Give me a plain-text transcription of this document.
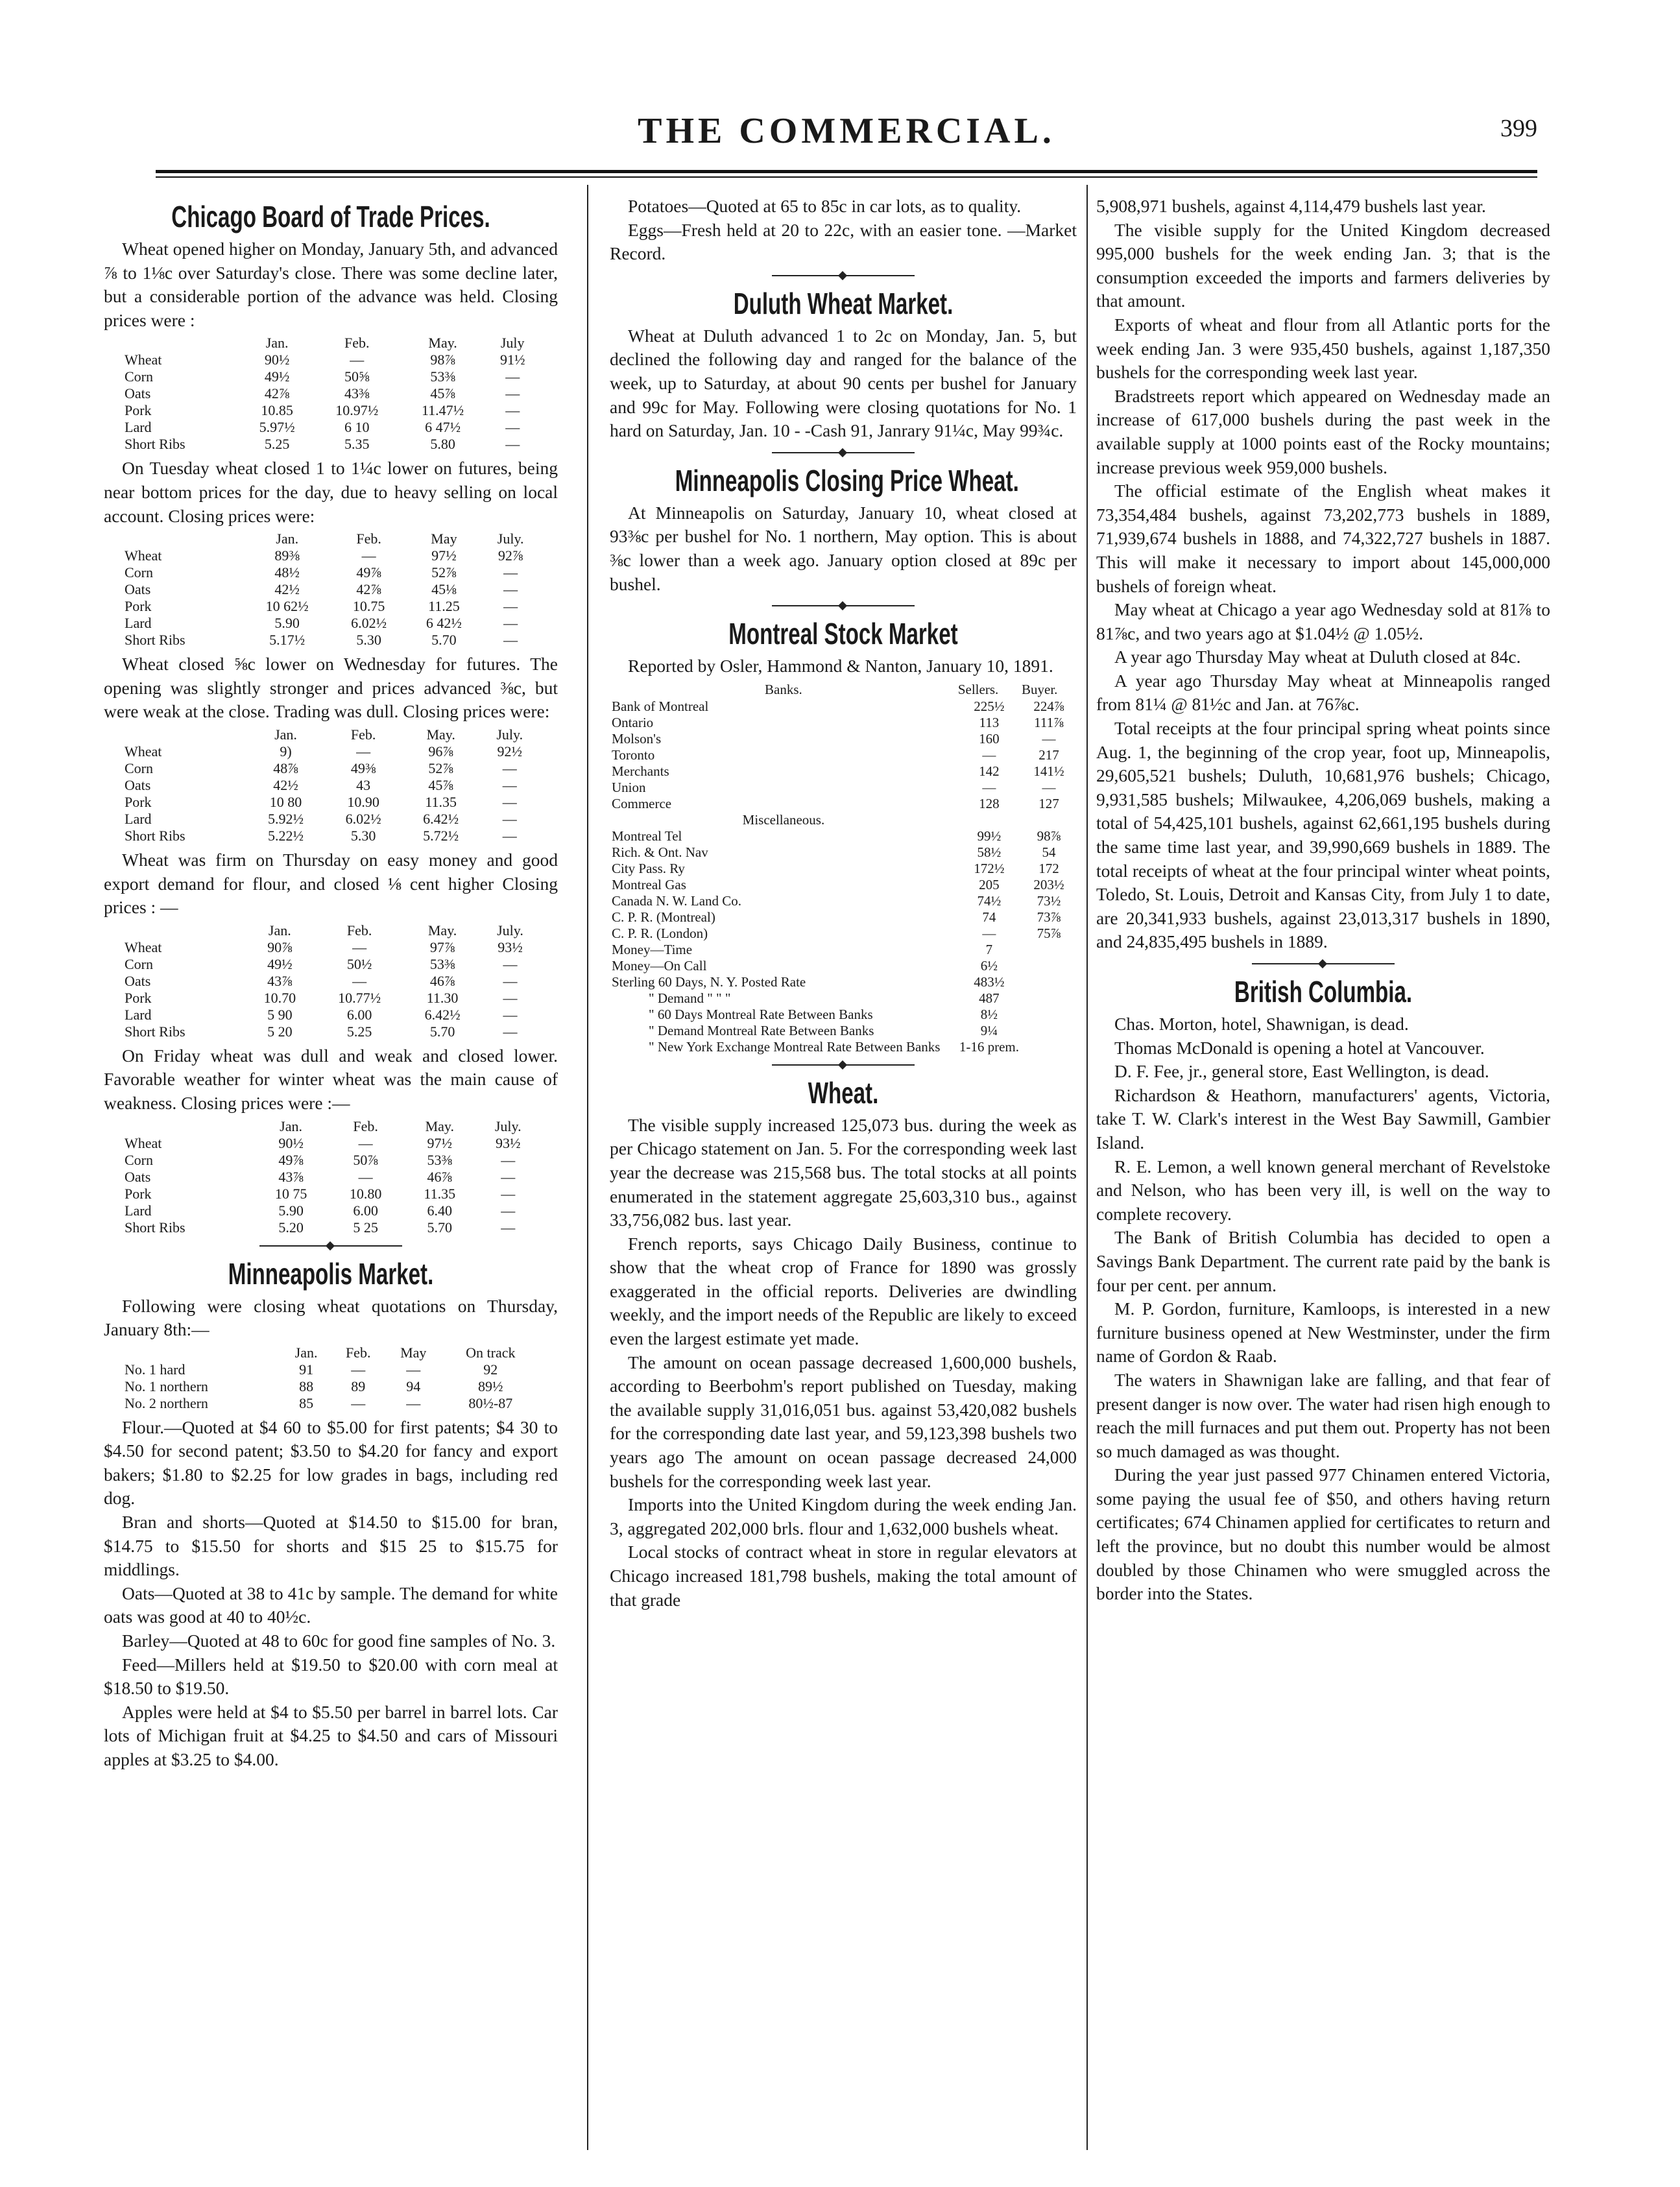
THE COMMERCIAL.	399
Chicago Board of Trade Prices.

Wheat opened higher on Monday, January 5th, and advanced ⅞ to 1⅛c over Saturday's close. There was some decline later, but a considerable portion of the advance was held. Closing prices were :

	Jan.	Feb.	May.	July
Wheat	90½	—	98⅞	91½
Corn	49½	50⅝	53⅜	—
Oats	42⅞	43⅜	45⅞	—
Pork	10.85	10.97½	11.47½	—
Lard	5.97½	6 10	6 47½	—
Short Ribs	5.25	5.35	5.80	—

On Tuesday wheat closed 1 to 1¼c lower on futures, being near bottom prices for the day, due to heavy selling on local account. Closing prices were:

	Jan.	Feb.	May	July.
Wheat	89⅜	—	97½	92⅞
Corn	48½	49⅞	52⅞	—
Oats	42½	42⅞	45⅛	—
Pork	10 62½	10.75	11.25	—
Lard	5.90	6.02½	6 42½	—
Short Ribs	5.17½	5.30	5.70	—

Wheat closed ⅝c lower on Wednesday for futures. The opening was slightly stronger and prices advanced ⅜c, but were weak at the close. Trading was dull. Closing prices were:

	Jan.	Feb.	May.	July.
Wheat	9)	—	96⅞	92½
Corn	48⅞	49⅜	52⅞	—
Oats	42½	43	45⅞	—
Pork	10 80	10.90	11.35	—
Lard	5.92½	6.02½	6.42½	—
Short Ribs	5.22½	5.30	5.72½	—

Wheat was firm on Thursday on easy money and good export demand for flour, and closed ⅛ cent higher Closing prices : —

	Jan.	Feb.	May.	July.
Wheat	90⅞	—	97⅞	93½
Corn	49½	50½	53⅜	—
Oats	43⅞	—	46⅞	—
Pork	10.70	10.77½	11.30	—
Lard	5 90	6.00	6.42½	—
Short Ribs	5 20	5.25	5.70	—

On Friday wheat was dull and weak and closed lower. Favorable weather for winter wheat was the main cause of weakness. Closing prices were :—

	Jan.	Feb.	May.	July.
Wheat	90½	—	97½	93½
Corn	49⅞	50⅞	53⅜	—
Oats	43⅞	—	46⅞	—
Pork	10 75	10.80	11.35	—
Lard	5.90	6.00	6.40	—
Short Ribs	5.20	5 25	5.70	—
Minneapolis Market.

Following were closing wheat quotations on Thursday, January 8th:—

	Jan.	Feb.	May	On track
No. 1 hard	91	—	—	92
No. 1 northern	88	89	94	89½
No. 2 northern	85	—	—	80½-87

Flour.—Quoted at $4 60 to $5.00 for first patents; $4 30 to $4.50 for second patent; $3.50 to $4.20 for fancy and export bakers; $1.80 to $2.25 for low grades in bags, including red dog.

Bran and shorts—Quoted at $14.50 to $15.00 for bran, $14.75 to $15.50 for shorts and $15 25 to $15.75 for middlings.

Oats—Quoted at 38 to 41c by sample. The demand for white oats was good at 40 to 40½c.

Barley—Quoted at 48 to 60c for good fine samples of No. 3.

Feed—Millers held at $19.50 to $20.00 with corn meal at $18.50 to $19.50.

Apples were held at $4 to $5.50 per barrel in barrel lots. Car lots of Michigan fruit at $4.25 to $4.50 and cars of Missouri apples at $3.25 to $4.00.

Potatoes—Quoted at 65 to 85c in car lots, as to quality.

Eggs—Fresh held at 20 to 22c, with an easier tone. —Market Record.

Duluth Wheat Market.

Wheat at Duluth advanced 1 to 2c on Monday, Jan. 5, but declined the following day and ranged for the balance of the week, up to Saturday, at about 90 cents per bushel for January and 99c for May. Following were closing quotations for No. 1 hard on Saturday, Jan. 10 - -Cash 91, Janrary 91¼c, May 99¾c.

Minneapolis Closing Price Wheat.

At Minneapolis on Saturday, January 10, wheat closed at 93⅜c per bushel for No. 1 northern, May option. This is about ⅜c lower than a week ago. January option closed at 89c per bushel.

Montreal Stock Market

Reported by Osler, Hammond & Nanton, January 10, 1891.

Banks.	Sellers.	Buyer.
Bank of Montreal	225½	224⅞
Ontario	113	111⅞
Molson's	160	—
Toronto	—	217
Merchants	142	141½
Union	—	—
Commerce	128	127
Miscellaneous.		
Montreal Tel	99½	98⅞
Rich. & Ont. Nav	58½	54
City Pass. Ry	172½	172
Montreal Gas	205	203½
Canada N. W. Land Co.	74½	73½
C. P. R. (Montreal)	74	73⅞
C. P. R. (London)	—	75⅞
Money—Time	7	
Money—On Call	6½	
Sterling 60 Days, N. Y. Posted Rate	483½	
" Demand " " "	487	
" 60 Days Montreal Rate Between Banks	8½	
" Demand Montreal Rate Between Banks	9¼	
" New York Exchange Montreal Rate Between Banks	1-16 prem.	
Wheat.

The visible supply increased 125,073 bus. during the week as per Chicago statement on Jan. 5. For the corresponding week last year the decrease was 215,568 bus. The total stocks at all points enumerated in the statement aggregate 25,603,310 bus., against 33,756,082 bus. last year.

French reports, says Chicago Daily Business, continue to show that the wheat crop of France for 1890 was grossly exaggerated in the official reports. Deliveries are dwindling weekly, and the import needs of the Republic are likely to exceed even the largest estimate yet made.

The amount on ocean passage decreased 1,600,000 bushels, according to Beerbohm's report published on Tuesday, making the available supply 31,016,051 bus. against 53,420,082 bushels for the corresponding date last year, and 59,123,398 bushels two years ago The amount on ocean passage decreased 24,000 bushels for the corresponding week last year.

Imports into the United Kingdom during the week ending Jan. 3, aggregated 202,000 brls. flour and 1,632,000 bushels wheat.

Local stocks of contract wheat in store in regular elevators at Chicago increased 181,798 bushels, making the total amount of that grade

5,908,971 bushels, against 4,114,479 bushels last year.

The visible supply for the United Kingdom decreased 995,000 bushels for the week ending Jan. 3; that is the consumption exceeded the imports and farmers deliveries by that amount.

Exports of wheat and flour from all Atlantic ports for the week ending Jan. 3 were 935,450 bushels, against 1,187,350 bushels for the corresponding week last year.

Bradstreets report which appeared on Wednesday made an increase of 617,000 bushels during the past week in the available supply at 1000 points east of the Rocky mountains; increase previous week 959,000 bushels.

The official estimate of the English wheat makes it 73,354,484 bushels, against 73,202,773 bushels in 1889, 71,939,674 bushels in 1888, and 74,322,727 bushels in 1887. This will make it necessary to import about 145,000,000 bushels of foreign wheat.

May wheat at Chicago a year ago Wednesday sold at 81⅞ to 81⅞c, and two years ago at $1.04½ @ 1.05½.

A year ago Thursday May wheat at Duluth closed at 84c.

A year ago Thursday May wheat at Minneapolis ranged from 81¼ @ 81½c and Jan. at 76⅞c.

Total receipts at the four principal spring wheat points since Aug. 1, the beginning of the crop year, foot up, Minneapolis, 29,605,521 bushels; Duluth, 10,681,976 bushels; Chicago, 9,931,585 bushels; Milwaukee, 4,206,069 bushels, making a total of 54,425,101 bushels, against 62,661,195 bushels during the same time last year, and 39,990,669 bushels in 1889. The total receipts of wheat at the four principal winter wheat points, Toledo, St. Louis, Detroit and Kansas City, from July 1 to date, are 20,341,933 bushels, against 23,013,317 bushels in 1890, and 24,835,495 bushels in 1889.

British Columbia.

Chas. Morton, hotel, Shawnigan, is dead.

Thomas McDonald is opening a hotel at Vancouver.

D. F. Fee, jr., general store, East Wellington, is dead.

Richardson & Heathorn, manufacturers' agents, Victoria, take T. W. Clark's interest in the West Bay Sawmill, Gambier Island.

R. E. Lemon, a well known general merchant of Revelstoke and Nelson, who has been very ill, is well on the way to complete recovery.

The Bank of British Columbia has decided to open a Savings Bank Department. The current rate paid by the bank is four per cent. per annum.

M. P. Gordon, furniture, Kamloops, is interested in a new furniture business opened at New Westminster, under the firm name of Gordon & Raab.

The waters in Shawnigan lake are falling, and that fear of present danger is now over. The water had risen high enough to reach the mill furnaces and put them out. Property has not been so much damaged as was thought.

During the year just passed 977 Chinamen entered Victoria, some paying the usual fee of $50, and others having return certificates; 674 Chinamen applied for certificates to return and left the province, but no doubt this number would be almost doubled by those Chinamen who were smuggled across the border into the States.
